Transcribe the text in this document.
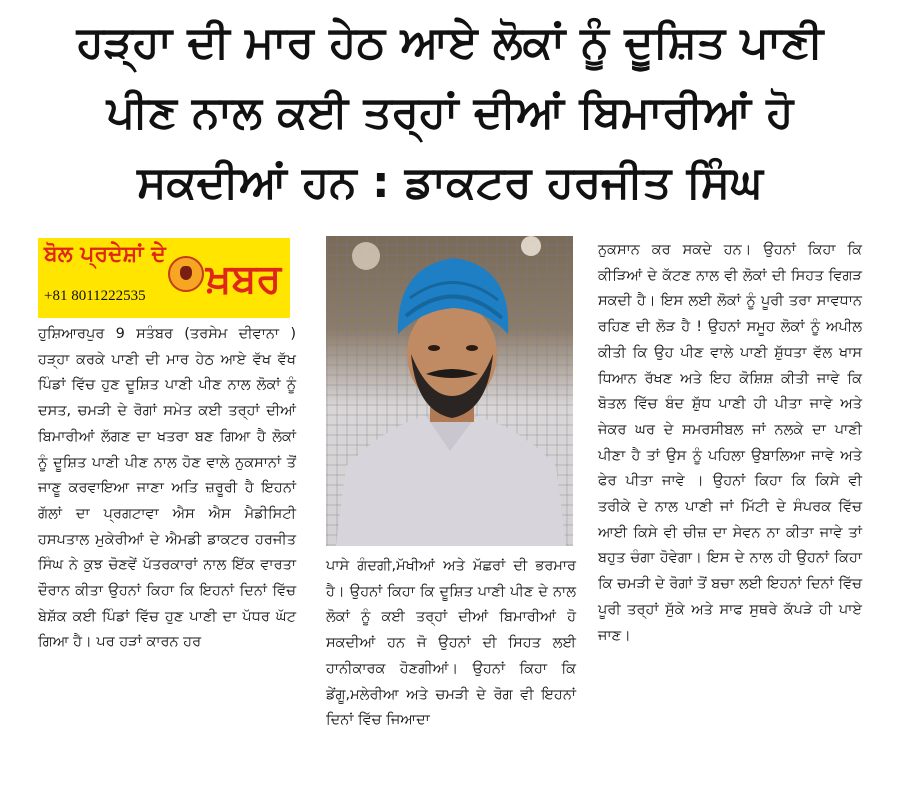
ਹੜ੍ਹਾ ਦੀ ਮਾਰ ਹੇਠ ਆਏ ਲੋਕਾਂ ਨੂੰ ਦੂਸ਼ਿਤ ਪਾਣੀ
ਪੀਣ ਨਾਲ ਕਈ ਤਰ੍ਹਾਂ ਦੀਆਂ ਬਿਮਾਰੀਆਂ ਹੋ
ਸਕਦੀਆਂ ਹਨ : ਡਾਕਟਰ ਹਰਜੀਤ ਸਿੰਘ
ਬੋਲ ਪ੍ਰਦੇਸ਼ਾਂ ਦੇ
+81 8011222535 ਖ਼ਬਰ
ਹੁਸ਼ਿਆਰਪੁਰ 9 ਸਤੰਬਰ (ਤਰਸੇਮ ਦੀਵਾਨਾ ) ਹੜ੍ਹਾ ਕਰਕੇ ਪਾਣੀ ਦੀ ਮਾਰ ਹੇਠ ਆਏ ਵੱਖ ਵੱਖ ਪਿੰਡਾਂ ਵਿੱਚ ਹੁਣ ਦੂਸ਼ਿਤ ਪਾਣੀ ਪੀਣ ਨਾਲ ਲੋਕਾਂ ਨੂੰ ਦਸਤ, ਚਮੜੀ ਦੇ ਰੋਗਾਂ ਸਮੇਤ ਕਈ ਤਰ੍ਹਾਂ ਦੀਆਂ ਬਿਮਾਰੀਆਂ ਲੱਗਣ ਦਾ ਖਤਰਾ ਬਣ ਗਿਆ ਹੈ ਲੋਕਾਂ ਨੂੰ ਦੂਸ਼ਿਤ ਪਾਣੀ ਪੀਣ ਨਾਲ ਹੋਣ ਵਾਲੇ ਨੁਕਸਾਨਾਂ ਤੋਂ ਜਾਣੂ ਕਰਵਾਇਆ ਜਾਣਾ ਅਤਿ ਜ਼ਰੂਰੀ ਹੈ ਇਹਨਾਂ ਗੱਲਾਂ ਦਾ ਪ੍ਰਗਟਾਵਾ ਐਸ ਐਸ ਮੈਡੀਸਿਟੀ ਹਸਪਤਾਲ ਮੁਕੇਰੀਆਂ ਦੇ ਐਮਡੀ ਡਾਕਟਰ ਹਰਜੀਤ ਸਿੰਘ ਨੇ ਕੁਝ ਚੋਣਵੇਂ ਪੱਤਰਕਾਰਾਂ ਨਾਲ ਇੱਕ ਵਾਰਤਾ ਦੌਰਾਨ ਕੀਤਾ ਉਹਨਾਂ ਕਿਹਾ ਕਿ ਇਹਨਾਂ ਦਿਨਾਂ ਵਿੱਚ ਬੇਸ਼ੱਕ ਕਈ ਪਿੰਡਾਂ ਵਿੱਚ ਹੁਣ ਪਾਣੀ ਦਾ ਪੱਧਰ ਘੱਟ ਗਿਆ ਹੈ। ਪਰ ਹੜਾਂ ਕਾਰਨ ਹਰ
ਪਾਸੇ ਗੰਦਗੀ,ਮੱਖੀਆਂ ਅਤੇ ਮੱਛਰਾਂ ਦੀ ਭਰਮਾਰ ਹੈ। ਉਹਨਾਂ ਕਿਹਾ ਕਿ ਦੂਸ਼ਿਤ ਪਾਣੀ ਪੀਣ ਦੇ ਨਾਲ ਲੋਕਾਂ ਨੂੰ ਕਈ ਤਰ੍ਹਾਂ ਦੀਆਂ ਬਿਮਾਰੀਆਂ ਹੋ ਸਕਦੀਆਂ ਹਨ ਜੋ ਉਹਨਾਂ ਦੀ ਸਿਹਤ ਲਈ ਹਾਨੀਕਾਰਕ ਹੋਣਗੀਆਂ। ਉਹਨਾਂ ਕਿਹਾ ਕਿ ਡੇਂਗੂ,ਮਲੇਰੀਆ ਅਤੇ ਚਮੜੀ ਦੇ ਰੋਗ ਵੀ ਇਹਨਾਂ ਦਿਨਾਂ ਵਿੱਚ ਜਿਆਦਾ
ਨੁਕਸਾਨ ਕਰ ਸਕਦੇ ਹਨ। ਉਹਨਾਂ ਕਿਹਾ ਕਿ ਕੀੜਿਆਂ ਦੇ ਕੱਟਣ ਨਾਲ ਵੀ ਲੋਕਾਂ ਦੀ ਸਿਹਤ ਵਿਗੜ ਸਕਦੀ ਹੈ। ਇਸ ਲਈ ਲੋਕਾਂ ਨੂੰ ਪੂਰੀ ਤਰਾ ਸਾਵਧਾਨ ਰਹਿਣ ਦੀ ਲੋੜ ਹੈ ! ਉਹਨਾਂ ਸਮੂਹ ਲੋਕਾਂ ਨੂੰ ਅਪੀਲ ਕੀਤੀ ਕਿ ਉਹ ਪੀਣ ਵਾਲੇ ਪਾਣੀ ਸ਼ੁੱਧਤਾ ਵੱਲ ਖਾਸ ਧਿਆਨ ਰੱਖਣ ਅਤੇ ਇਹ ਕੋਸ਼ਿਸ਼ ਕੀਤੀ ਜਾਵੇ ਕਿ ਬੋਤਲ ਵਿੱਚ ਬੰਦ ਸ਼ੁੱਧ ਪਾਣੀ ਹੀ ਪੀਤਾ ਜਾਵੇ ਅਤੇ ਜੇਕਰ ਘਰ ਦੇ ਸਮਰਸੀਬਲ ਜਾਂ ਨਲਕੇ ਦਾ ਪਾਣੀ ਪੀਣਾ ਹੈ ਤਾਂ ਉਸ ਨੂੰ ਪਹਿਲਾ ਉਬਾਲਿਆ ਜਾਵੇ ਅਤੇ ਫੇਰ ਪੀਤਾ ਜਾਵੇ । ਉਹਨਾਂ ਕਿਹਾ ਕਿ ਕਿਸੇ ਵੀ ਤਰੀਕੇ ਦੇ ਨਾਲ ਪਾਣੀ ਜਾਂ ਮਿੱਟੀ ਦੇ ਸੰਪਰਕ ਵਿੱਚ ਆਈ ਕਿਸੇ ਵੀ ਚੀਜ਼ ਦਾ ਸੇਵਨ ਨਾ ਕੀਤਾ ਜਾਵੇ ਤਾਂ ਬਹੁਤ ਚੰਗਾ ਹੋਵੇਗਾ। ਇਸ ਦੇ ਨਾਲ ਹੀ ਉਹਨਾਂ ਕਿਹਾ ਕਿ ਚਮੜੀ ਦੇ ਰੋਗਾਂ ਤੋਂ ਬਚਾ ਲਈ ਇਹਨਾਂ ਦਿਨਾਂ ਵਿੱਚ ਪੂਰੀ ਤਰ੍ਹਾਂ ਸੁੱਕੇ ਅਤੇ ਸਾਫ ਸੁਥਰੇ ਕੱਪੜੇ ਹੀ ਪਾਏ ਜਾਣ।
